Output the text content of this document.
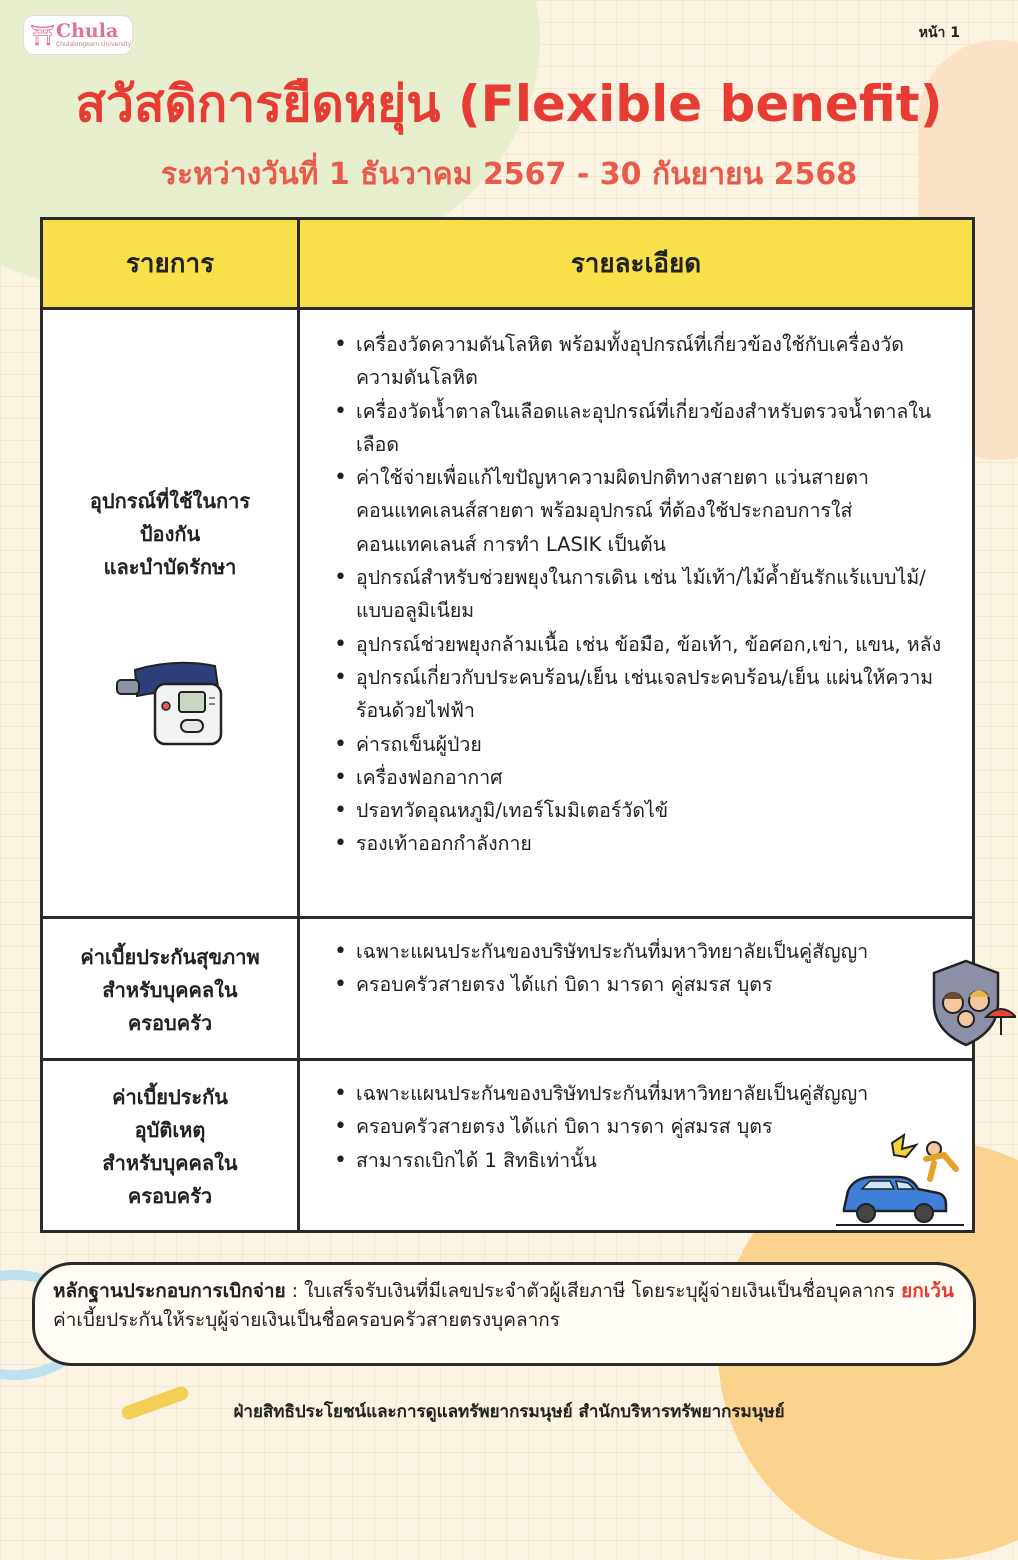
⛩ Chula
Chulalongkorn University
หน้า 1
สวัสดิการยืดหยุ่น (Flexible benefit)
ระหว่างวันที่ 1 ธันวาคม 2567 - 30 กันยายน 2568
รายการ	รายละเอียด
อุปกรณ์ที่ใช้ในการ
ป้องกัน
และบำบัดรักษา
• เครื่องวัดความดันโลหิต พร้อมทั้งอุปกรณ์ที่เกี่ยวข้องใช้กับเครื่องวัดความดันโลหิต
• เครื่องวัดน้ำตาลในเลือดและอุปกรณ์ที่เกี่ยวข้องสำหรับตรวจน้ำตาลในเลือด
• ค่าใช้จ่ายเพื่อแก้ไขปัญหาความผิดปกติทางสายตา แว่นสายตา คอนแทคเลนส์สายตา พร้อมอุปกรณ์ ที่ต้องใช้ประกอบการใส่คอนแทคเลนส์ การทำ LASIK เป็นต้น
• อุปกรณ์สำหรับช่วยพยุงในการเดิน เช่น ไม้เท้า/ไม้ค้ำยันรักแร้แบบไม้/แบบอลูมิเนียม
• อุปกรณ์ช่วยพยุงกล้ามเนื้อ เช่น ข้อมือ, ข้อเท้า, ข้อศอก,เข่า, แขน, หลัง
• อุปกรณ์เกี่ยวกับประคบร้อน/เย็น เช่นเจลประคบร้อน/เย็น แผ่นให้ความร้อนด้วยไฟฟ้า
• ค่ารถเข็นผู้ป่วย
• เครื่องฟอกอากาศ
• ปรอทวัดอุณหภูมิ/เทอร์โมมิเตอร์วัดไข้
• รองเท้าออกกำลังกาย
ค่าเบี้ยประกันสุขภาพ
สำหรับบุคคลใน
ครอบครัว
• เฉพาะแผนประกันของบริษัทประกันที่มหาวิทยาลัยเป็นคู่สัญญา
• ครอบครัวสายตรง ได้แก่ บิดา มารดา คู่สมรส บุตร
ค่าเบี้ยประกัน
อุบัติเหตุ
สำหรับบุคคลใน
ครอบครัว
• เฉพาะแผนประกันของบริษัทประกันที่มหาวิทยาลัยเป็นคู่สัญญา
• ครอบครัวสายตรง ได้แก่ บิดา มารดา คู่สมรส บุตร
• สามารถเบิกได้ 1 สิทธิเท่านั้น
หลักฐานประกอบการเบิกจ่าย : ใบเสร็จรับเงินที่มีเลขประจำตัวผู้เสียภาษี โดยระบุผู้จ่ายเงินเป็นชื่อบุคลากร ยกเว้นค่าเบี้ยประกันให้ระบุผู้จ่ายเงินเป็นชื่อครอบครัวสายตรงบุคลากร
ฝ่ายสิทธิประโยชน์และการดูแลทรัพยากรมนุษย์ สำนักบริหารทรัพยากรมนุษย์
